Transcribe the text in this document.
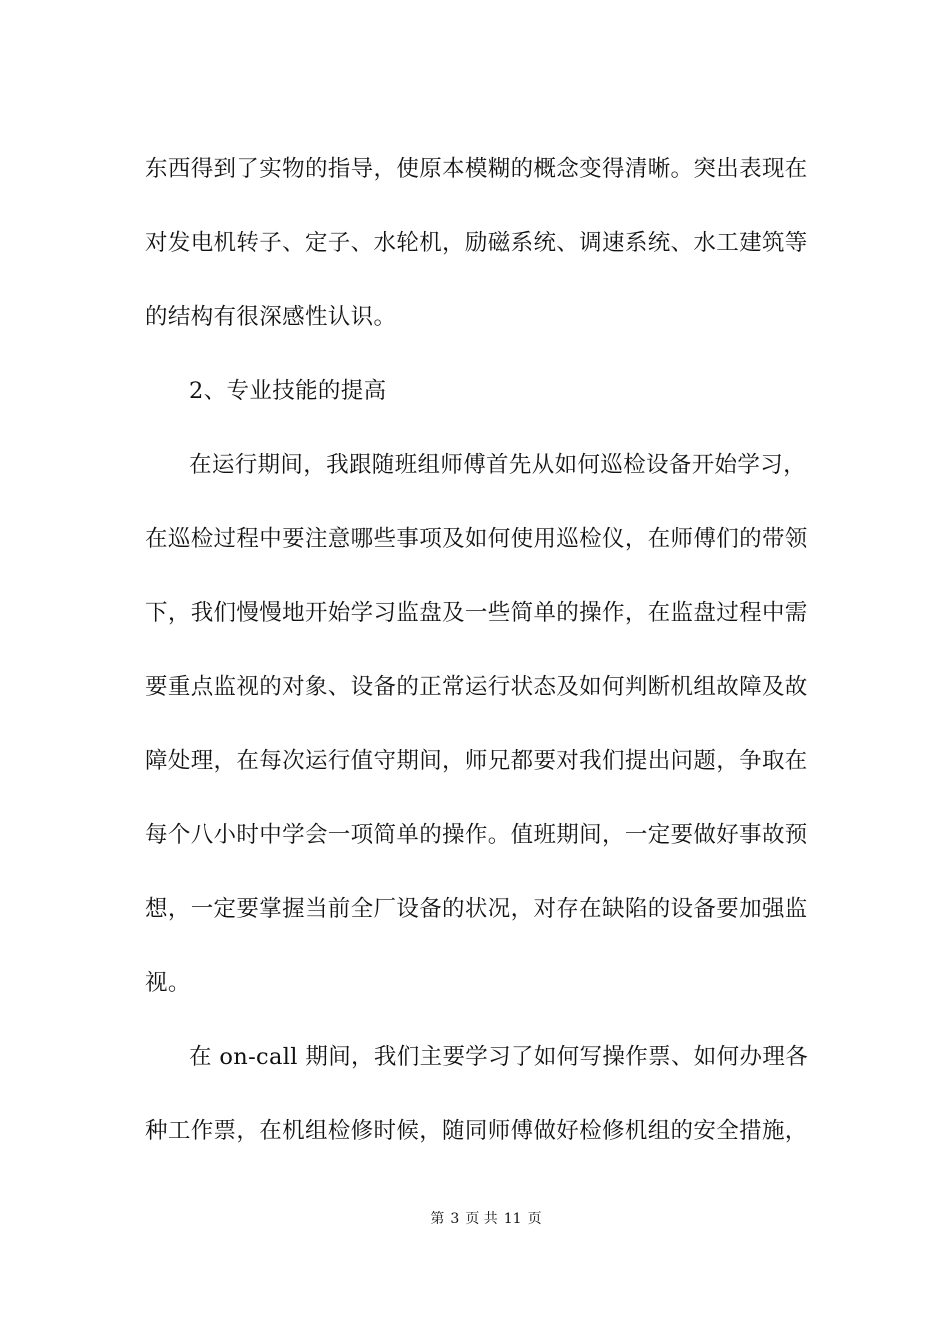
东西得到了实物的指导，使原本模糊的概念变得清晰。突出表现在
对发电机转子、定子、水轮机，励磁系统、调速系统、水工建筑等
的结构有很深感性认识。
2、专业技能的提高
在运行期间，我跟随班组师傅首先从如何巡检设备开始学习，
在巡检过程中要注意哪些事项及如何使用巡检仪，在师傅们的带领
下，我们慢慢地开始学习监盘及一些简单的操作，在监盘过程中需
要重点监视的对象、设备的正常运行状态及如何判断机组故障及故
障处理，在每次运行值守期间，师兄都要对我们提出问题，争取在
每个八小时中学会一项简单的操作。值班期间，一定要做好事故预
想，一定要掌握当前全厂设备的状况，对存在缺陷的设备要加强监
视。
在 on-call 期间，我们主要学习了如何写操作票、如何办理各
种工作票，在机组检修时候，随同师傅做好检修机组的安全措施，
第 3 页 共 11 页
